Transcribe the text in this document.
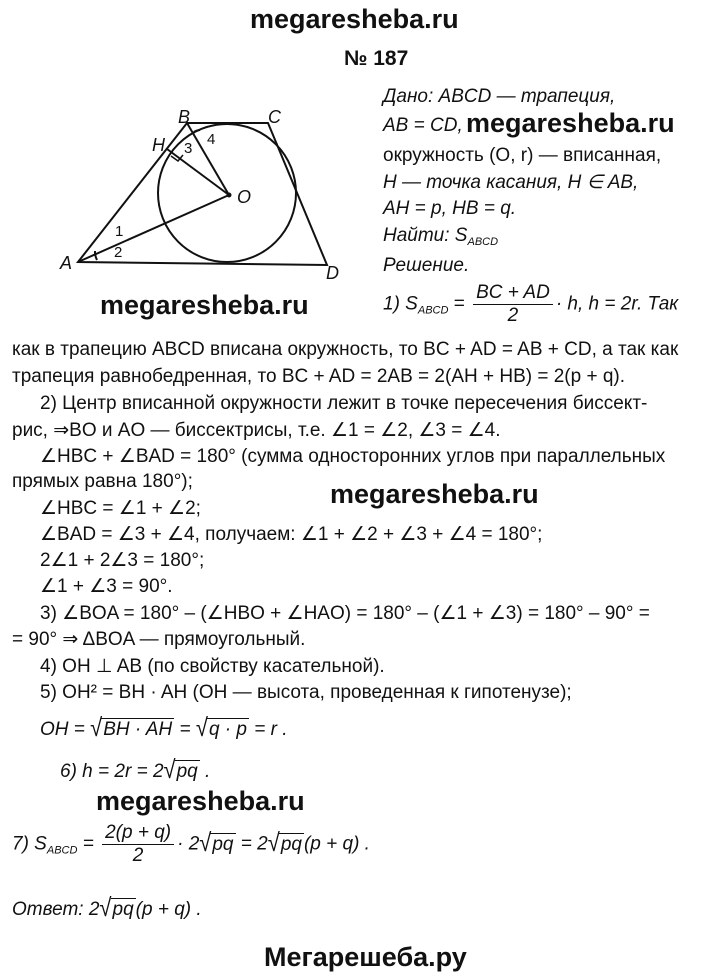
megaresheba.ru
№ 187
B	C
H	4
3
O
1
2
A	D
Дано: ABCD — трапеция,
AB = CD, megaresheba.ru
окружность (O, r) — вписанная,
H — точка касания, H ∈ AB,
AH = p, HB = q.
Найти: $S_{ABCD}$
Решение.
megaresheba.ru	1) $S_{ABCD} = \frac{BC + AD}{2} \cdot h$, h = 2r. Так
как в трапецию ABCD вписана окружность, то BC + AD = AB + CD, а так как
трапеция равнобедренная, то BC + AD = 2AB = 2(AH + HB) = 2(p + q).
2) Центр вписанной окружности лежит в точке пересечения биссект-
рис, ⇒BO и AO — биссектрисы, т.е. ∠1 = ∠2, ∠3 = ∠4.
∠HBC + ∠BAD = 180° (сумма односторонних углов при параллельных
прямых равна 180°);	megaresheba.ru
∠HBC = ∠1 + ∠2;
∠BAD = ∠3 + ∠4, получаем: ∠1 + ∠2 + ∠3 + ∠4 = 180°;
2∠1 + 2∠3 = 180°;
∠1 + ∠3 = 90°.
3) ∠BOA = 180° – (∠HBO + ∠HAO) = 180° – (∠1 + ∠3) = 180° – 90° =
= 90° ⇒ ΔBOA — прямоугольный.
4) OH ⊥ AB (по свойству касательной).
5) OH² = BH · AH (OH — высота, проведенная к гипотенузе);
OH = √BH · AH = √q · p = r .
6) h = 2r = 2√pq .
megaresheba.ru
7) $S_{ABCD} = \frac{2(p + q)}{2} \cdot 2√pq = 2√pq$ (p + q) .
Ответ: 2√pq (p + q) .
Мегарешеба.ру
